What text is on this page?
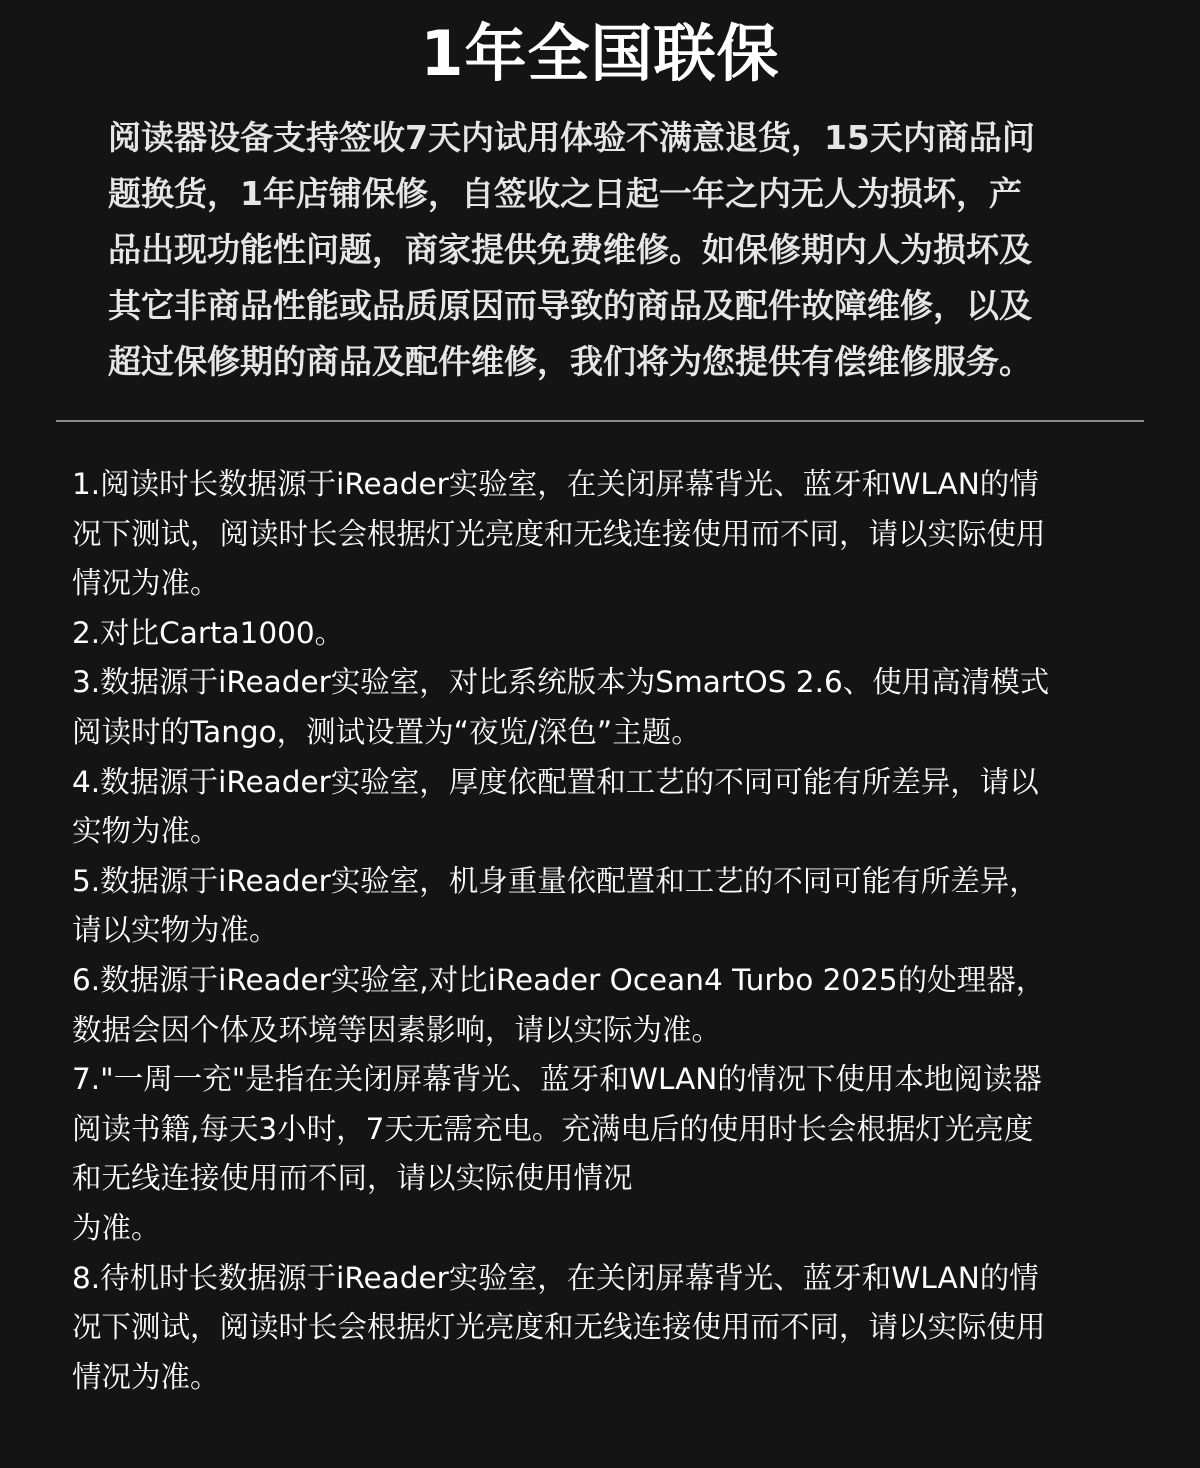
1年全国联保
阅读器设备支持签收7天内试用体验不满意退货，15天内商品问
题换货，1年店铺保修，自签收之日起一年之内无人为损坏，产
品出现功能性问题，商家提供免费维修。如保修期内人为损坏及
其它非商品性能或品质原因而导致的商品及配件故障维修，以及
超过保修期的商品及配件维修，我们将为您提供有偿维修服务。
1.阅读时长数据源于iReader实验室，在关闭屏幕背光、蓝牙和WLAN的情
况下测试，阅读时长会根据灯光亮度和无线连接使用而不同，请以实际使用
情况为准。
2.对比Carta1000。
3.数据源于iReader实验室，对比系统版本为SmartOS 2.6、使用高清模式
阅读时的Tango，测试设置为“夜览/深色”主题。
4.数据源于iReader实验室，厚度依配置和工艺的不同可能有所差异，请以
实物为准。
5.数据源于iReader实验室，机身重量依配置和工艺的不同可能有所差异，
请以实物为准。
6.数据源于iReader实验室,对比iReader Ocean4 Turbo 2025的处理器，
数据会因个体及环境等因素影响，请以实际为准。
7."一周一充"是指在关闭屏幕背光、蓝牙和WLAN的情况下使用本地阅读器
阅读书籍,每天3小时，7天无需充电。充满电后的使用时长会根据灯光亮度
和无线连接使用而不同，请以实际使用情况
为准。
8.待机时长数据源于iReader实验室，在关闭屏幕背光、蓝牙和WLAN的情
况下测试，阅读时长会根据灯光亮度和无线连接使用而不同，请以实际使用
情况为准。
